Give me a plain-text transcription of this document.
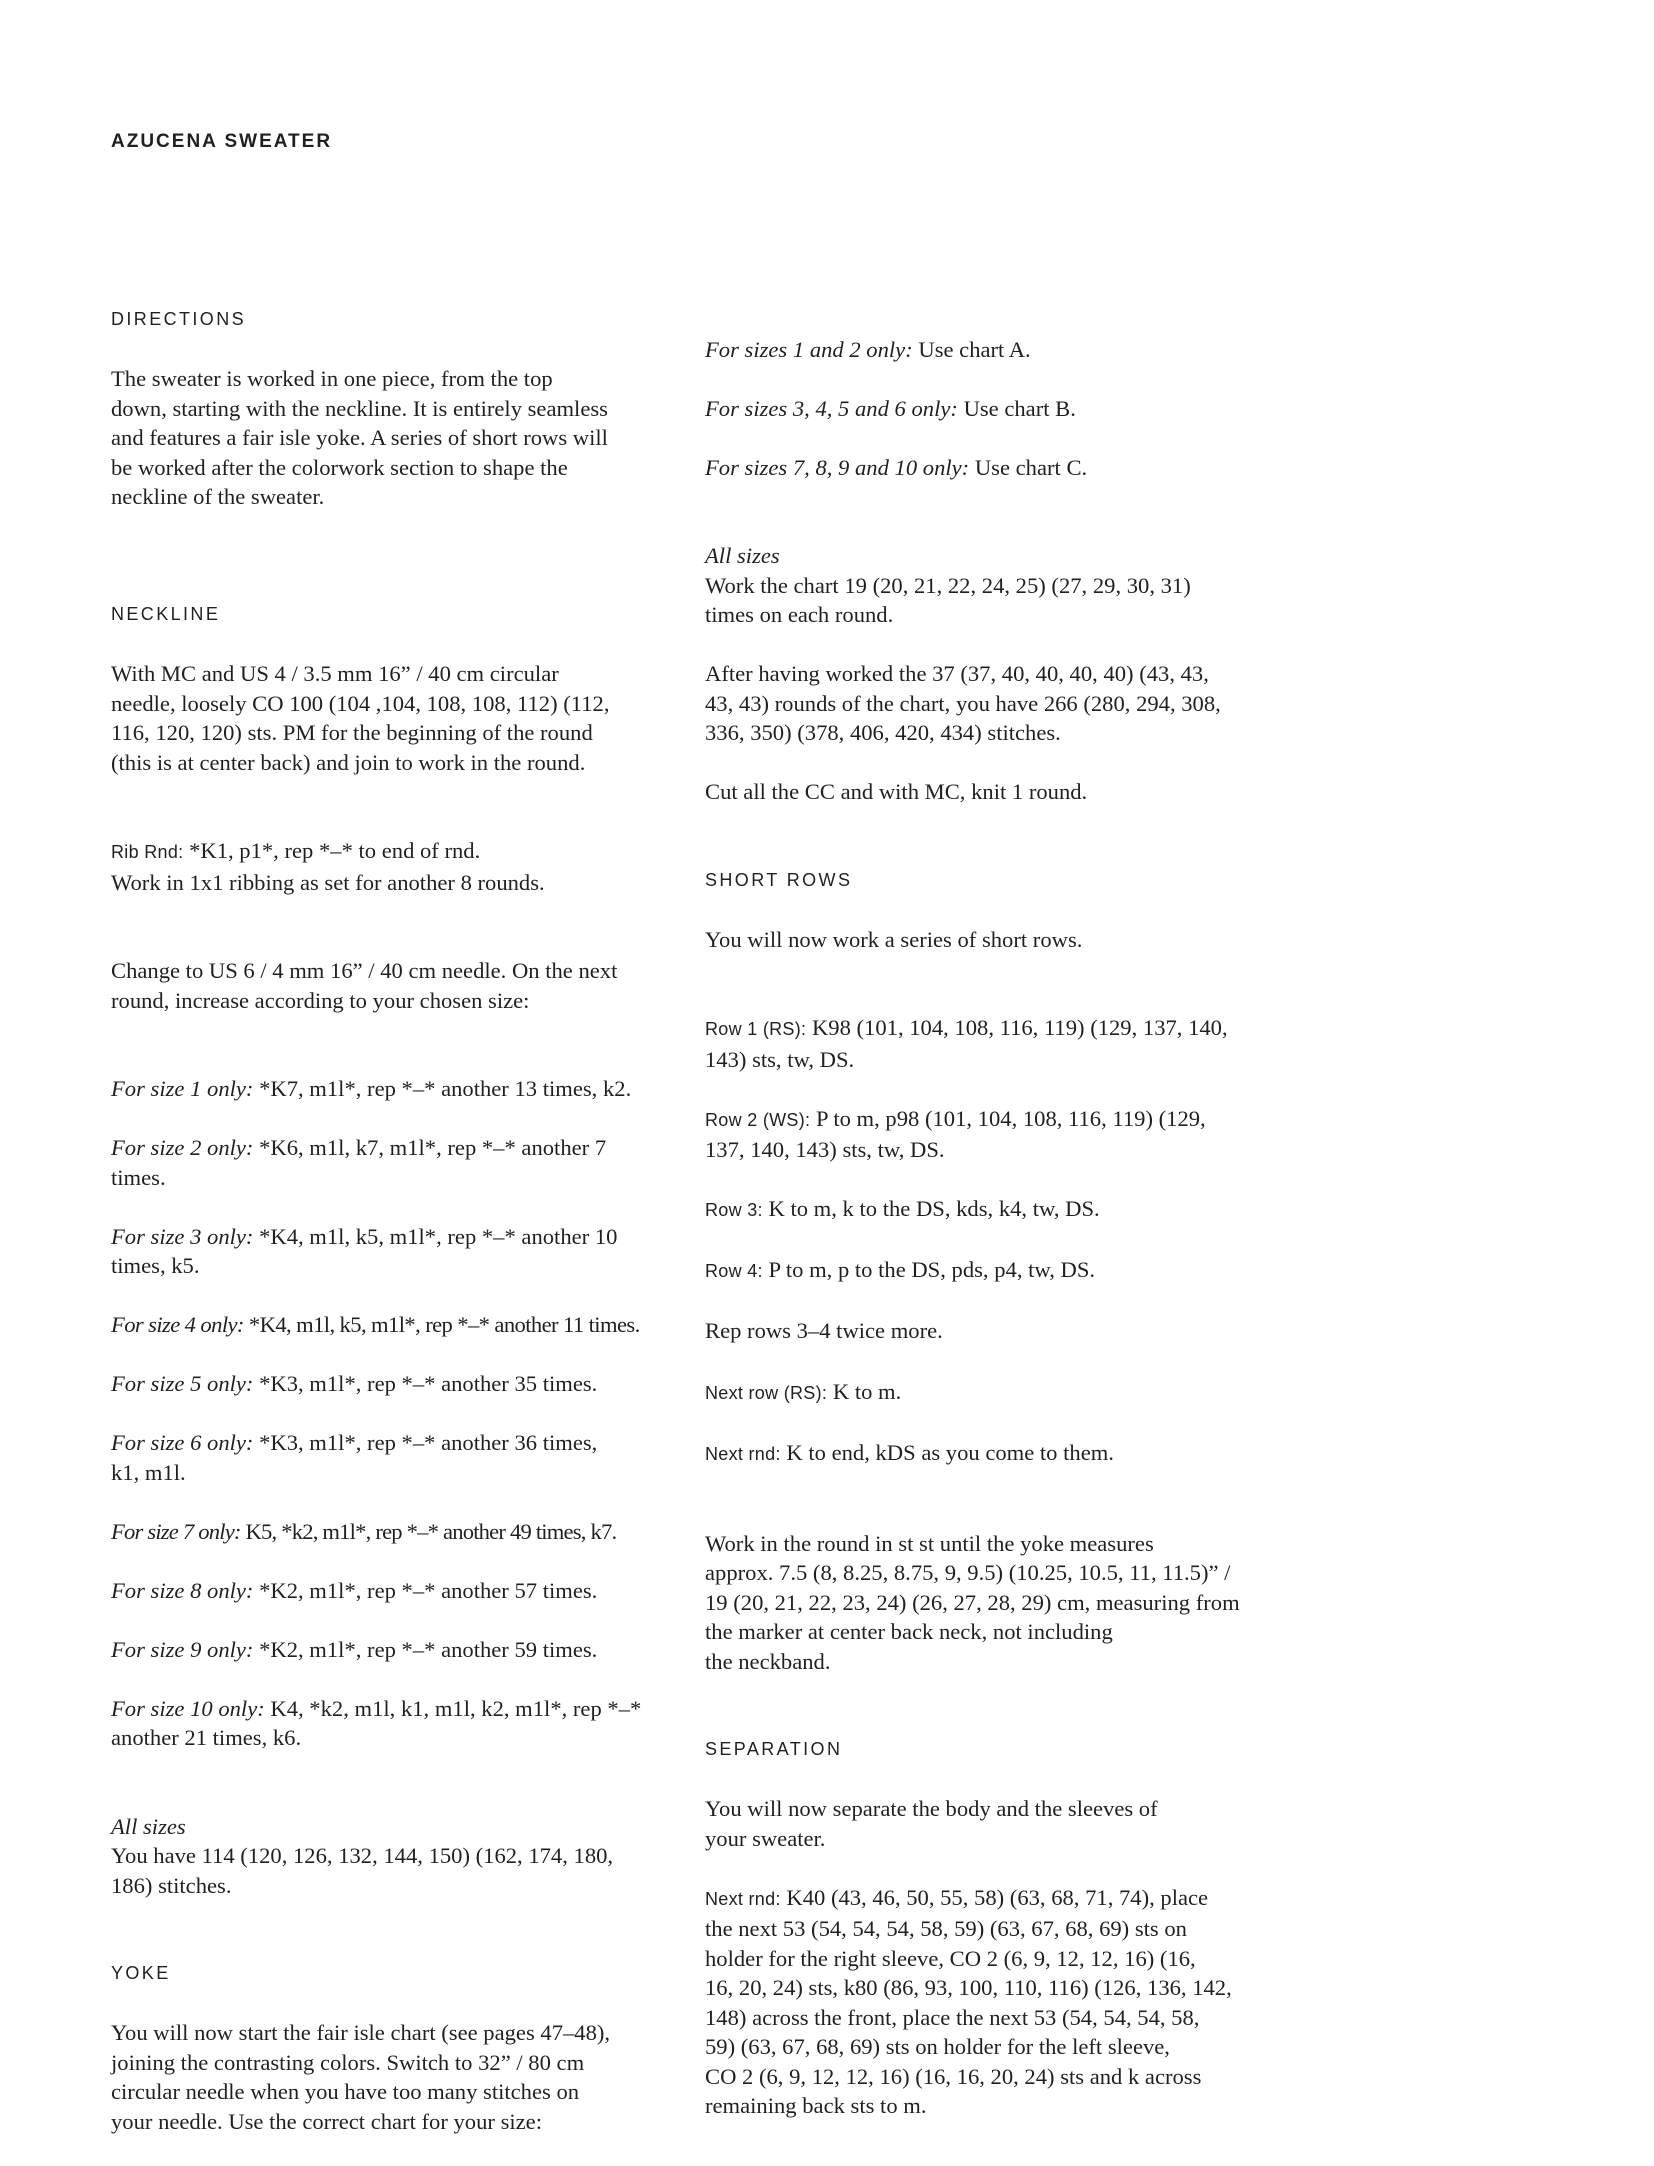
AZUCENA SWEATER
DIRECTIONS

The sweater is worked in one piece, from the top
down, starting with the neckline. It is entirely seamless
and features a fair isle yoke. A series of short rows will
be worked after the colorwork section to shape the
neckline of the sweater.

NECKLINE

With MC and US 4 / 3.5 mm 16” / 40 cm circular
needle, loosely CO 100 (104 ,104, 108, 108, 112) (112,
116, 120, 120) sts. PM for the beginning of the round
(this is at center back) and join to work in the round.

Rib Rnd: *K1, p1*, rep *–* to end of rnd.
Work in 1x1 ribbing as set for another 8 rounds.

Change to US 6 / 4 mm 16” / 40 cm needle. On the next
round, increase according to your chosen size:

For size 1 only: *K7, m1l*, rep *–* another 13 times, k2.

For size 2 only: *K6, m1l, k7, m1l*, rep *–* another 7
times.

For size 3 only: *K4, m1l, k5, m1l*, rep *–* another 10
times, k5.

For size 4 only: *K4, m1l, k5, m1l*, rep *–* another 11 times.

For size 5 only: *K3, m1l*, rep *–* another 35 times.

For size 6 only: *K3, m1l*, rep *–* another 36 times,
k1, m1l.

For size 7 only: K5, *k2, m1l*, rep *–* another 49 times, k7.

For size 8 only: *K2, m1l*, rep *–* another 57 times.

For size 9 only: *K2, m1l*, rep *–* another 59 times.

For size 10 only: K4, *k2, m1l, k1, m1l, k2, m1l*, rep *–*
another 21 times, k6.

All sizes
You have 114 (120, 126, 132, 144, 150) (162, 174, 180,
186) stitches.

YOKE

You will now start the fair isle chart (see pages 47–48),
joining the contrasting colors. Switch to 32” / 80 cm
circular needle when you have too many stitches on
your needle. Use the correct chart for your size:

For sizes 1 and 2 only: Use chart A.

For sizes 3, 4, 5 and 6 only: Use chart B.

For sizes 7, 8, 9 and 10 only: Use chart C.

All sizes
Work the chart 19 (20, 21, 22, 24, 25) (27, 29, 30, 31)
times on each round.

After having worked the 37 (37, 40, 40, 40, 40) (43, 43,
43, 43) rounds of the chart, you have 266 (280, 294, 308,
336, 350) (378, 406, 420, 434) stitches.

Cut all the CC and with MC, knit 1 round.

SHORT ROWS

You will now work a series of short rows.

Row 1 (RS): K98 (101, 104, 108, 116, 119) (129, 137, 140,
143) sts, tw, DS.

Row 2 (WS): P to m, p98 (101, 104, 108, 116, 119) (129,
137, 140, 143) sts, tw, DS.

Row 3: K to m, k to the DS, kds, k4, tw, DS.

Row 4: P to m, p to the DS, pds, p4, tw, DS.

Rep rows 3–4 twice more.

Next row (RS): K to m.

Next rnd: K to end, kDS as you come to them.

Work in the round in st st until the yoke measures
approx. 7.5 (8, 8.25, 8.75, 9, 9.5) (10.25, 10.5, 11, 11.5)” /
19 (20, 21, 22, 23, 24) (26, 27, 28, 29) cm, measuring from
the marker at center back neck, not including
the neckband.

SEPARATION

You will now separate the body and the sleeves of
your sweater.

Next rnd: K40 (43, 46, 50, 55, 58) (63, 68, 71, 74), place
the next 53 (54, 54, 54, 58, 59) (63, 67, 68, 69) sts on
holder for the right sleeve, CO 2 (6, 9, 12, 12, 16) (16,
16, 20, 24) sts, k80 (86, 93, 100, 110, 116) (126, 136, 142,
148) across the front, place the next 53 (54, 54, 54, 58,
59) (63, 67, 68, 69) sts on holder for the left sleeve,
CO 2 (6, 9, 12, 12, 16) (16, 16, 20, 24) sts and k across
remaining back sts to m.
